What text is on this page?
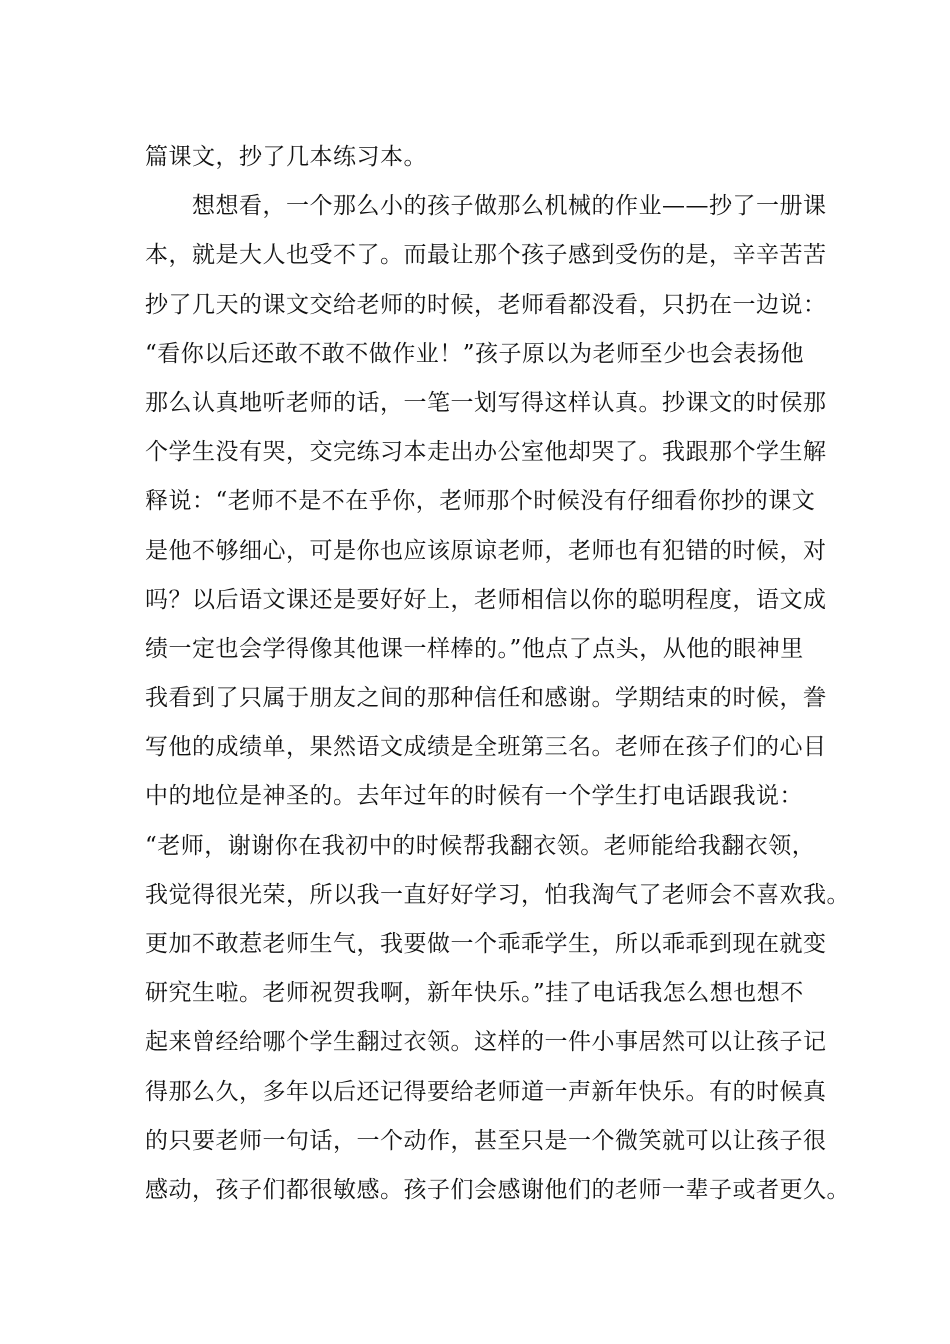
篇课文，抄了几本练习本。
　　想想看，一个那么小的孩子做那么机械的作业——抄了一册课
本，就是大人也受不了。而最让那个孩子感到受伤的是，辛辛苦苦
抄了几天的课文交给老师的时候，老师看都没看，只扔在一边说：
“看你以后还敢不敢不做作业！”孩子原以为老师至少也会表扬他
那么认真地听老师的话，一笔一划写得这样认真。抄课文的时侯那
个学生没有哭，交完练习本走出办公室他却哭了。我跟那个学生解
释说：“老师不是不在乎你，老师那个时候没有仔细看你抄的课文
是他不够细心，可是你也应该原谅老师，老师也有犯错的时候，对
吗？以后语文课还是要好好上，老师相信以你的聪明程度，语文成
绩一定也会学得像其他课一样棒的。”他点了点头，从他的眼神里
我看到了只属于朋友之间的那种信任和感谢。学期结束的时候，誊
写他的成绩单，果然语文成绩是全班第三名。老师在孩子们的心目
中的地位是神圣的。去年过年的时候有一个学生打电话跟我说：
“老师，谢谢你在我初中的时候帮我翻衣领。老师能给我翻衣领，
我觉得很光荣，所以我一直好好学习，怕我淘气了老师会不喜欢我。
更加不敢惹老师生气，我要做一个乖乖学生，所以乖乖到现在就变
研究生啦。老师祝贺我啊，新年快乐。”挂了电话我怎么想也想不
起来曾经给哪个学生翻过衣领。这样的一件小事居然可以让孩子记
得那么久，多年以后还记得要给老师道一声新年快乐。有的时候真
的只要老师一句话，一个动作，甚至只是一个微笑就可以让孩子很
感动，孩子们都很敏感。孩子们会感谢他们的老师一辈子或者更久。
